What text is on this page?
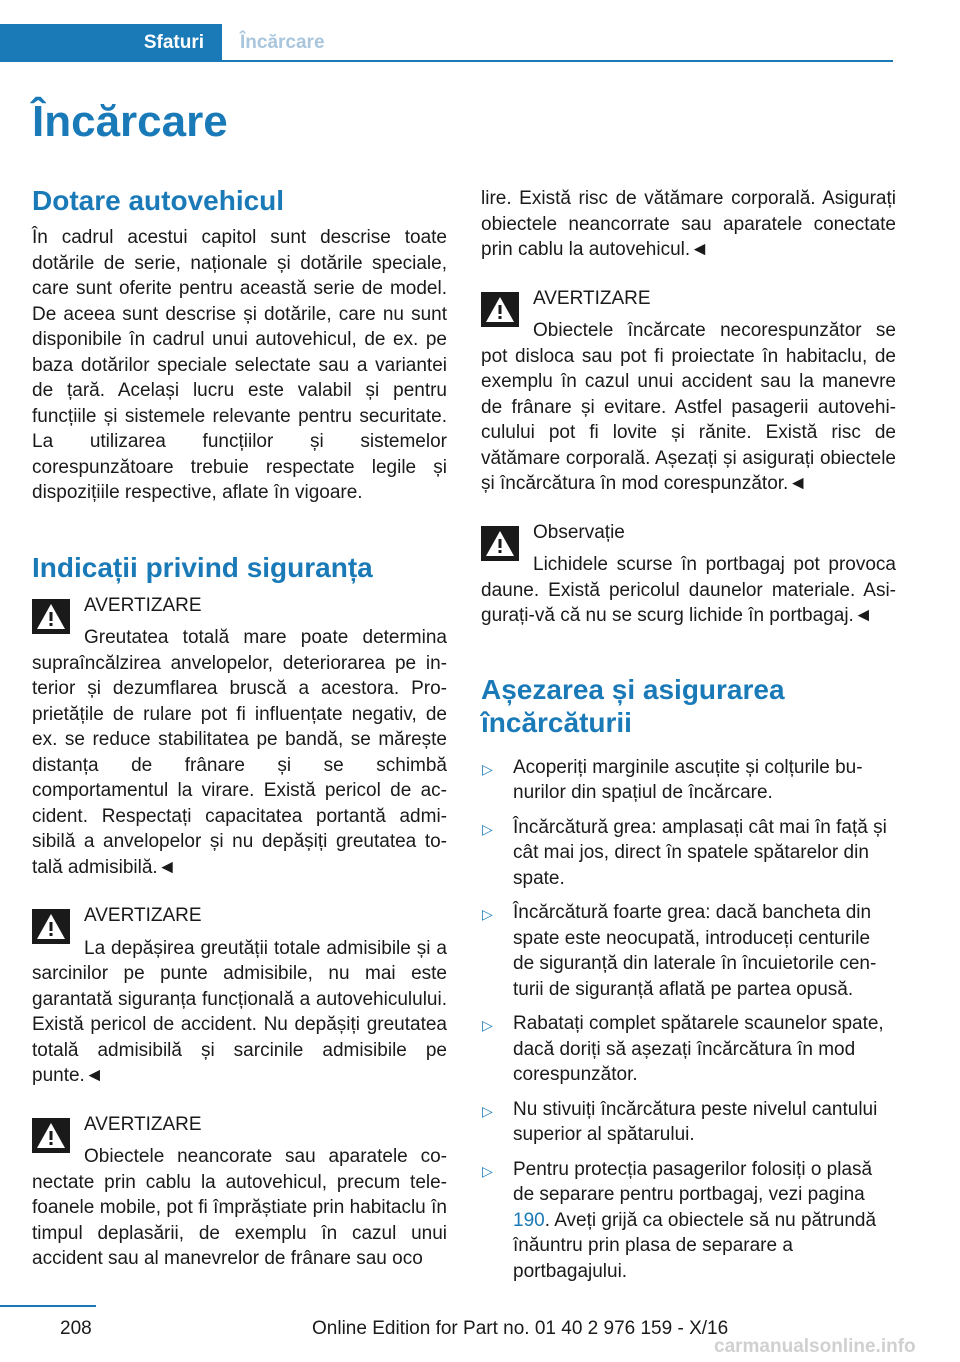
Sfaturi Încărcare
Încărcare
Dotare autovehicul

În cadrul acestui capitol sunt descrise toate dotările de serie, naționale și dotările speciale, care sunt oferite pentru această serie de model. De aceea sunt descrise și dotările, care nu sunt disponibile în cadrul unui autovehicul, de ex. pe baza dotărilor speciale selectate sau a variantei de țară. Același lucru este valabil și pentru funcțiile și sistemele relevante pentru securitate. La utilizarea funcțiilor și sistemelor corespunzătoare trebuie respectate legile și dispozițiile respective, aflate în vigoare.

Indicații privind siguranța
AVERTIZARE
Greutatea totală mare poate determina supraîncălzirea anvelopelor, deteriorarea pe interior și dezumflarea bruscă a acestora. Proprietățile de rulare pot fi influențate negativ, de ex. se reduce stabilitatea pe bandă, se mărește distanța de frânare și se schimbă comportamentul la virare. Există pericol de accident. Respectați capacitatea portantă admisibilă a anvelopelor și nu depășiți greutatea totală admisibilă.◄
AVERTIZARE
La depășirea greutății totale admisibile și a sarcinilor pe punte admisibile, nu mai este garantată siguranța funcțională a autovehiculului. Există pericol de accident. Nu depășiți greutatea totală admisibilă și sarcinile admisibile pe punte.◄
AVERTIZARE
Obiectele neancorate sau aparatele conectate prin cablu la autovehicul, precum telefoanele mobile, pot fi împrăștiate prin habitaclu în timpul deplasării, de exemplu în cazul unui accident sau al manevrelor de frânare sau oco

lire. Există risc de vătămare corporală. Asigurați obiectele neancorrate sau aparatele conectate prin cablu la autovehicul.◄

AVERTIZARE
Obiectele încărcate necorespunzător se pot disloca sau pot fi proiectate în habitaclu, de exemplu în cazul unui accident sau la manevre de frânare și evitare. Astfel pasagerii autovehiculului pot fi lovite și rănite. Există risc de vătămare corporală. Așezați și asigurați obiectele și încărcătura în mod corespunzător.◄
Observație
Lichidele scurse în portbagaj pot provoca daune. Există pericolul daunelor materiale. Asigurați-vă că nu se scurg lichide în portbagaj.◄
Așezarea și asigurarea încărcăturii
▷ Acoperiți marginile ascuțite și colțurile bunurilor din spațiul de încărcare.
▷ Încărcătură grea: amplasați cât mai în față și cât mai jos, direct în spatele spătarelor din spate.
▷ Încărcătură foarte grea: dacă bancheta din spate este neocupată, introduceți centurile de siguranță din laterale în încuietorile centurii de siguranță aflată pe partea opusă.
▷ Rabatați complet spătarele scaunelor spate, dacă doriți să așezați încărcătura în mod corespunzător.
▷ Nu stivuiți încărcătura peste nivelul cantului superior al spătarului.
▷ Pentru protecția pasagerilor folosiți o plasă de separare pentru portbagaj, vezi pagina 190. Aveți grijă ca obiectele să nu pătrundă înăuntru prin plasa de separare a portbagajului.
208	Online Edition for Part no. 01 40 2 976 159 - X/16
carmanualsonline.info
